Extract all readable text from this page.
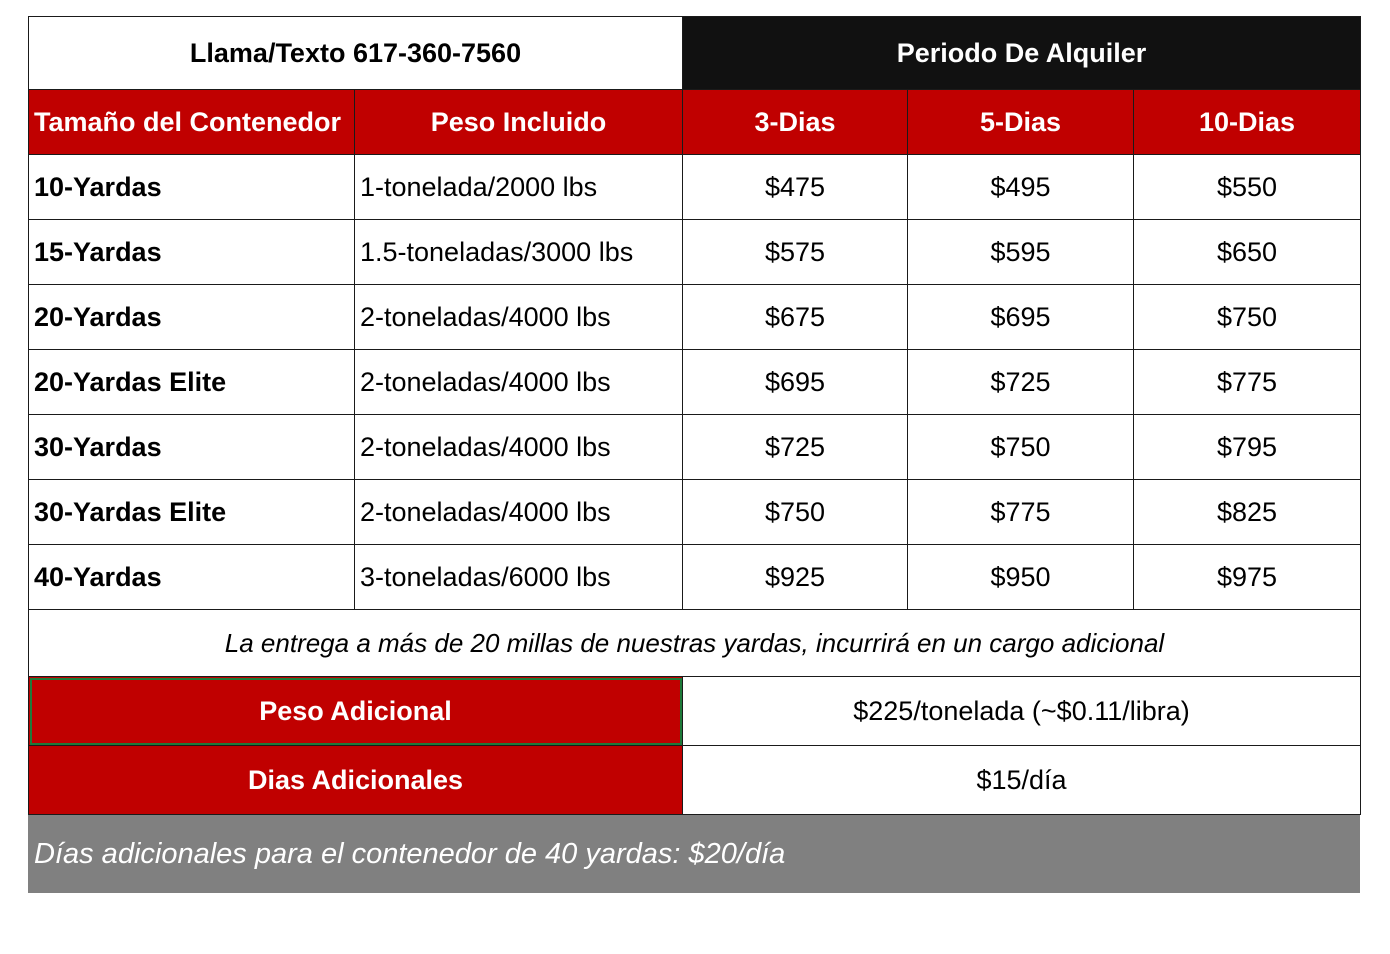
Llama/Texto 617-360-7560		Periodo De Alquiler		
Tamaño del Contenedor	Peso Incluido	3-Dias	5-Dias	10-Dias
10-Yardas	1-tonelada/2000 lbs	$475	$495	$550
15-Yardas	1.5-toneladas/3000 lbs	$575	$595	$650
20-Yardas	2-toneladas/4000 lbs	$675	$695	$750
20-Yardas Elite	2-toneladas/4000 lbs	$695	$725	$775
30-Yardas	2-toneladas/4000 lbs	$725	$750	$795
30-Yardas Elite	2-toneladas/4000 lbs	$750	$775	$825
40-Yardas	3-toneladas/6000 lbs	$925	$950	$975
La entrega a más de 20 millas de nuestras yardas, incurrirá en un cargo adicional				
Peso Adicional		$225/tonelada (~$0.11/libra)		
Dias Adicionales		$15/día		
Días adicionales para el contenedor de 40 yardas: $20/día
